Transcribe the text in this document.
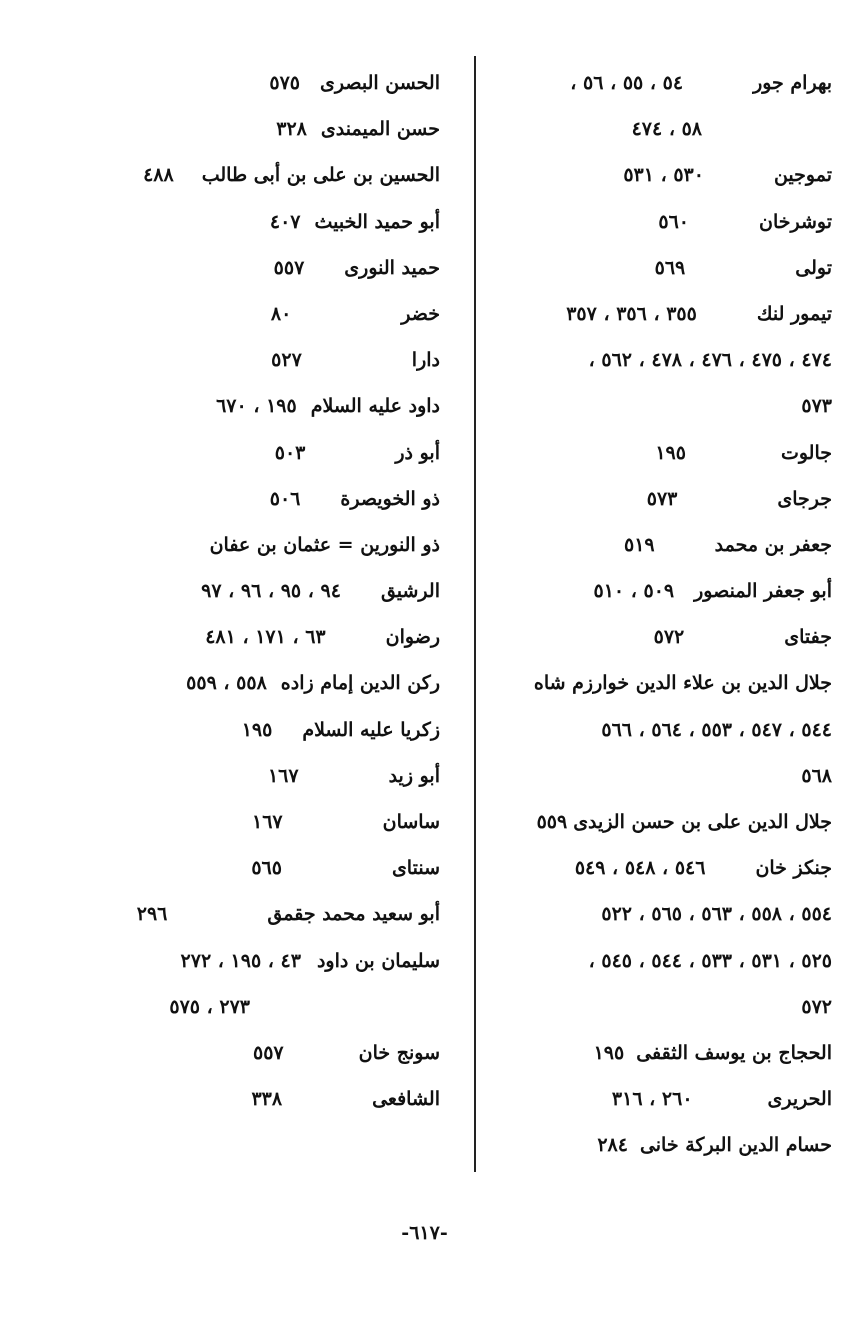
بهرام جور٥٤ ، ٥٥ ، ٥٦ ،
٥٨ ، ٤٧٤
تموجين٥٣٠ ، ٥٣١
توشرخان٥٦٠
تولى٥٦٩
تيمور لنك٣٥٥ ، ٣٥٦ ، ٣٥٧
٤٧٤ ، ٤٧٥ ، ٤٧٦ ، ٤٧٨ ، ٥٦٢ ،
٥٧٣
جالوت١٩٥
جرجاى٥٧٣
جعفر بن محمد٥١٩
أبو جعفر المنصور٥٠٩ ، ٥١٠
جفتاى٥٧٢
جلال الدين بن علاء الدين خوارزم شاه
٥٤٤ ، ٥٤٧ ، ٥٥٣ ، ٥٦٤ ، ٥٦٦
٥٦٨
جلال الدين على بن حسن الزيدى٥٥٩
جنكز خان٥٤٦ ، ٥٤٨ ، ٥٤٩
٥٥٤ ، ٥٥٨ ، ٥٦٣ ، ٥٦٥ ، ٥٢٢
٥٢٥ ، ٥٣١ ، ٥٣٣ ، ٥٤٤ ، ٥٤٥ ،
٥٧٢
الحجاج بن يوسف الثقفى١٩٥
الحريرى٢٦٠ ، ٣١٦
حسام الدين البركة خانى٢٨٤
الحسن البصرى٥٧٥
حسن الميمندى٣٢٨
الحسين بن على بن أبى طالب٤٨٨
أبو حميد الخبيث٤٠٧
حميد النورى٥٥٧
خضر٨٠
دارا٥٢٧
داود عليه السلام١٩٥ ، ٦٧٠
أبو ذر٥٠٣
ذو الخويصرة٥٠٦
ذو النورين = عثمان بن عفان
الرشيق٩٤ ، ٩٥ ، ٩٦ ، ٩٧
رضوان٦٣ ، ١٧١ ، ٤٨١
ركن الدين إمام زاده٥٥٨ ، ٥٥٩
زكريا عليه السلام١٩٥
أبو زيد١٦٧
ساسان١٦٧
سنتاى٥٦٥
أبو سعيد محمد جقمق٢٩٦
سليمان بن داود٤٣ ، ١٩٥ ، ٢٧٢
٢٧٣ ، ٥٧٥
سونج خان٥٥٧
الشافعى٣٣٨
-٦١٧-
